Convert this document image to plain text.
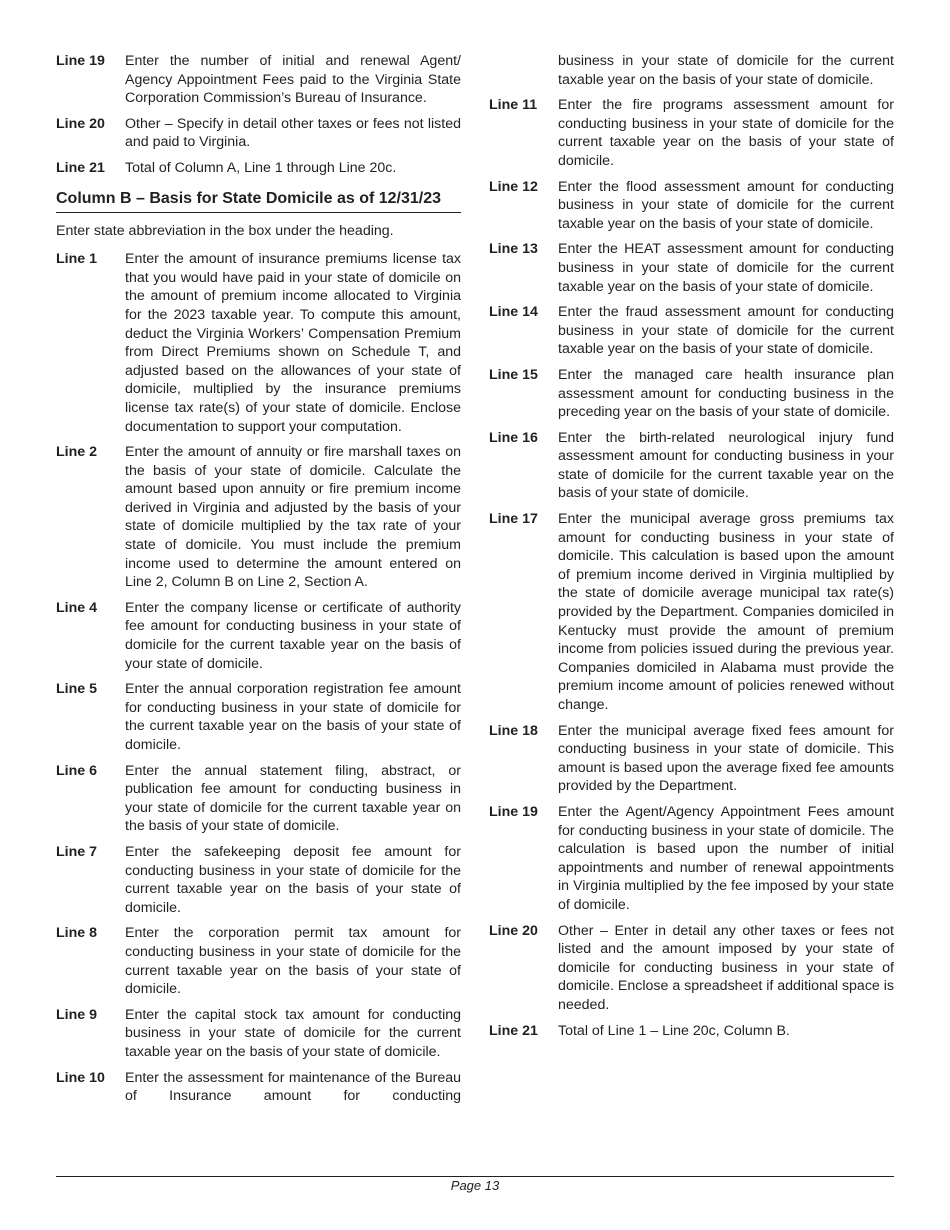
Line 19	Enter the number of initial and renewal Agent/ Agency Appointment Fees paid to the Virginia State Corporation Commission’s Bureau of Insurance.
Line 20	Other – Specify in detail other taxes or fees not listed and paid to Virginia.
Line 21	Total of Column A, Line 1 through Line 20c.
Column B – Basis for State Domicile as of 12/31/23
Enter state abbreviation in the box under the heading.
Line 1	Enter the amount of insurance premiums license tax that you would have paid in your state of domicile on the amount of premium income allocated to Virginia for the 2023 taxable year. To compute this amount, deduct the Virginia Workers’ Compensation Premium from Direct Premiums shown on Schedule T, and adjusted based on the allowances of your state of domicile, multiplied by the insurance premiums license tax rate(s) of your state of domicile. Enclose documentation to support your computation.
Line 2	Enter the amount of annuity or fire marshall taxes on the basis of your state of domicile. Calculate the amount based upon annuity or fire premium income derived in Virginia and adjusted by the basis of your state of domicile multiplied by the tax rate of your state of domicile. You must include the premium income used to determine the amount entered on Line 2, Column B on Line 2, Section A.
Line 4	Enter the company license or certificate of authority fee amount for conducting business in your state of domicile for the current taxable year on the basis of your state of domicile.
Line 5	Enter the annual corporation registration fee amount for conducting business in your state of domicile for the current taxable year on the basis of your state of domicile.
Line 6	Enter the annual statement filing, abstract, or publication fee amount for conducting business in your state of domicile for the current taxable year on the basis of your state of domicile.
Line 7	Enter the safekeeping deposit fee amount for conducting business in your state of domicile for the current taxable year on the basis of your state of domicile.
Line 8	Enter the corporation permit tax amount for conducting business in your state of domicile for the current taxable year on the basis of your state of domicile.
Line 9	Enter the capital stock tax amount for conducting business in your state of domicile for the current taxable year on the basis of your state of domicile.
Line 10	Enter the assessment for maintenance of the Bureau of Insurance amount for conducting
business in your state of domicile for the current taxable year on the basis of your state of domicile.
Line 11	Enter the fire programs assessment amount for conducting business in your state of domicile for the current taxable year on the basis of your state of domicile.
Line 12	Enter the flood assessment amount for conducting business in your state of domicile for the current taxable year on the basis of your state of domicile.
Line 13	Enter the HEAT assessment amount for conducting business in your state of domicile for the current taxable year on the basis of your state of domicile.
Line 14	Enter the fraud assessment amount for conducting business in your state of domicile for the current taxable year on the basis of your state of domicile.
Line 15	Enter the managed care health insurance plan assessment amount for conducting business in the preceding year on the basis of your state of domicile.
Line 16	Enter the birth-related neurological injury fund assessment amount for conducting business in your state of domicile for the current taxable year on the basis of your state of domicile.
Line 17	Enter the municipal average gross premiums tax amount for conducting business in your state of domicile. This calculation is based upon the amount of premium income derived in Virginia multiplied by the state of domicile average municipal tax rate(s) provided by the Department. Companies domiciled in Kentucky must provide the amount of premium income from policies issued during the previous year. Companies domiciled in Alabama must provide the premium income amount of policies renewed without change.
Line 18	Enter the municipal average fixed fees amount for conducting business in your state of domicile. This amount is based upon the average fixed fee amounts provided by the Department.
Line 19	Enter the Agent/Agency Appointment Fees amount for conducting business in your state of domicile. The calculation is based upon the number of initial appointments and number of renewal appointments in Virginia multiplied by the fee imposed by your state of domicile.
Line 20	Other – Enter in detail any other taxes or fees not listed and the amount imposed by your state of domicile for conducting business in your state of domicile. Enclose a spreadsheet if additional space is needed.
Line 21	Total of Line 1 – Line 20c, Column B.
Page 13
